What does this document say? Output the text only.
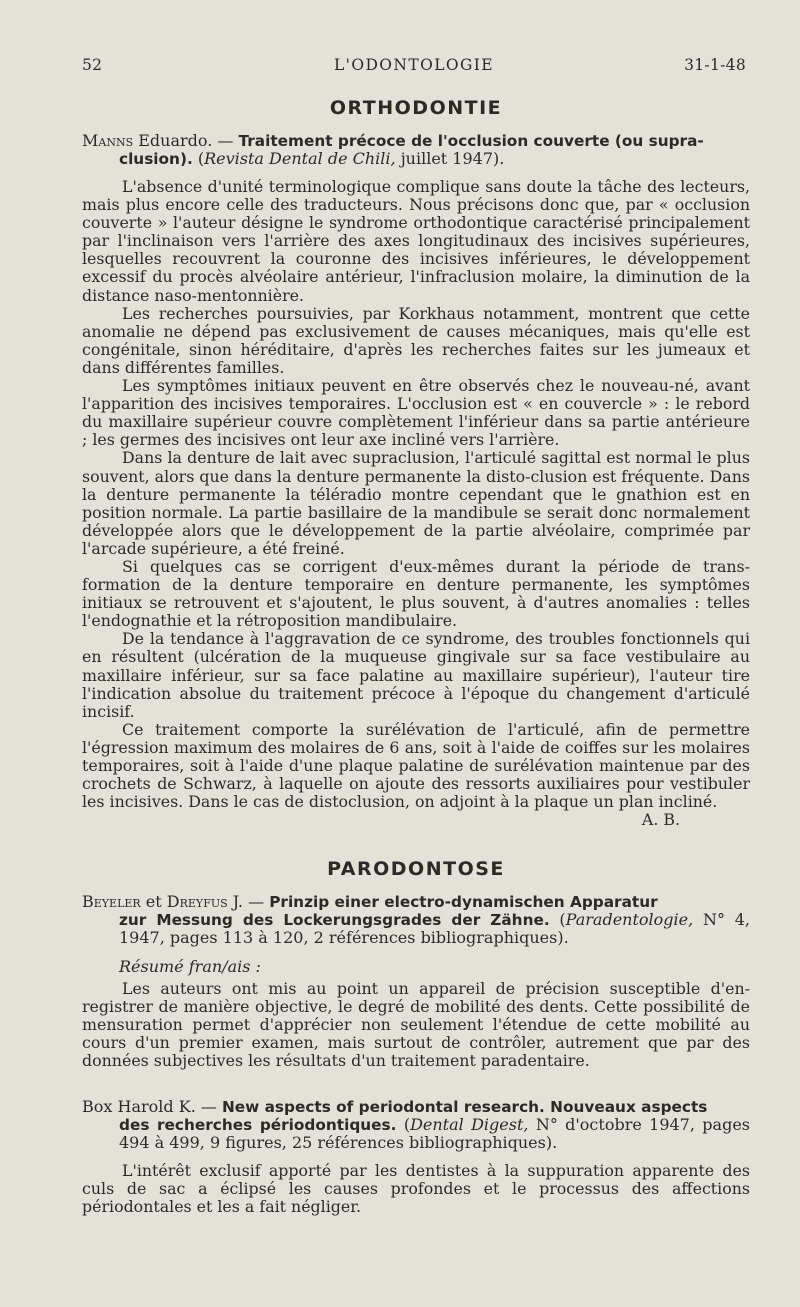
52	L'ODONTOLOGIE	31-1-48
ORTHODONTIE

Manns Eduardo. — Traitement précoce de l'occlusion couverte (ou supra-
clusion). (Revista Dental de Chili, juillet 1947).

L'absence d'unité terminologique complique sans doute la tâche des lecteurs, mais plus encore celle des traducteurs. Nous précisons donc que, par « occlusion couverte » l'auteur désigne le syndrome orthodontique caractérisé principalement par l'inclinaison vers l'arrière des axes longitudinaux des incisives supérieures, lesquelles recouvrent la couronne des incisives inférieures, le développement excessif du procès alvéolaire antérieur, l'infraclusion molaire, la diminution de la distance naso-mentonnière.

Les recherches poursuivies, par Korkhaus notamment, montrent que cette anomalie ne dépend pas exclusivement de causes mécaniques, mais qu'elle est congénitale, sinon héréditaire, d'après les recherches faites sur les jumeaux et dans différentes familles.

Les symptômes initiaux peuvent en être observés chez le nouveau-né, avant l'apparition des incisives temporaires. L'occlusion est « en couvercle » : le rebord du maxillaire supérieur couvre complètement l'inférieur dans sa partie antérieure ; les germes des incisives ont leur axe incliné vers l'arrière.

Dans la denture de lait avec supraclusion, l'articulé sagittal est normal le plus souvent, alors que dans la denture permanente la disto-clusion est fréquente. Dans la denture permanente la téléradio montre cependant que le gnathion est en position normale. La partie basillaire de la mandibule se serait donc normalement développée alors que le développement de la partie alvéolaire, comprimée par l'arcade supérieure, a été freiné.

Si quelques cas se corrigent d'eux-mêmes durant la période de transformation de la denture temporaire en denture permanente, les symptômes initiaux se retrouvent et s'ajoutent, le plus souvent, à d'autres anomalies : telles l'endognathie et la rétroposition mandibulaire.

De la tendance à l'aggravation de ce syndrome, des troubles fonctionnels qui en résultent (ulcération de la muqueuse gingivale sur sa face vestibulaire au maxillaire inférieur, sur sa face palatine au maxillaire supérieur), l'auteur tire l'indication absolue du traitement précoce à l'époque du changement d'articulé incisif.

Ce traitement comporte la surélévation de l'articulé, afin de permettre l'égression maximum des molaires de 6 ans, soit à l'aide de coiffes sur les molaires temporaires, soit à l'aide d'une plaque palatine de surélévation maintenue par des crochets de Schwarz, à laquelle on ajoute des ressorts auxiliaires pour vestibuler les incisives. Dans le cas de distoclusion, on adjoint à la plaque un plan incliné.
A. B.

PARODONTOSE

Beyeler et Dreyfus J. — Prinzip einer electro-dynamischen Apparatur
zur Messung des Lockerungsgrades der Zähne. (Paradentologie, N° 4, 1947, pages 113 à 120, 2 références bibliographiques).

Résumé fran/ais :

Les auteurs ont mis au point un appareil de précision susceptible d'enregistrer de manière objective, le degré de mobilité des dents. Cette possibilité de mensuration permet d'apprécier non seulement l'étendue de cette mobilité au cours d'un premier examen, mais surtout de contrôler, autrement que par des données subjectives les résultats d'un traitement paradentaire.

Box Harold K. — New aspects of periodontal research. Nouveaux aspects
des recherches périodontiques. (Dental Digest, N° d'octobre 1947, pages 494 à 499, 9 figures, 25 références bibliographiques).

L'intérêt exclusif apporté par les dentistes à la suppuration apparente des culs de sac a éclipsé les causes profondes et le processus des affections périodontales et les a fait négliger.
